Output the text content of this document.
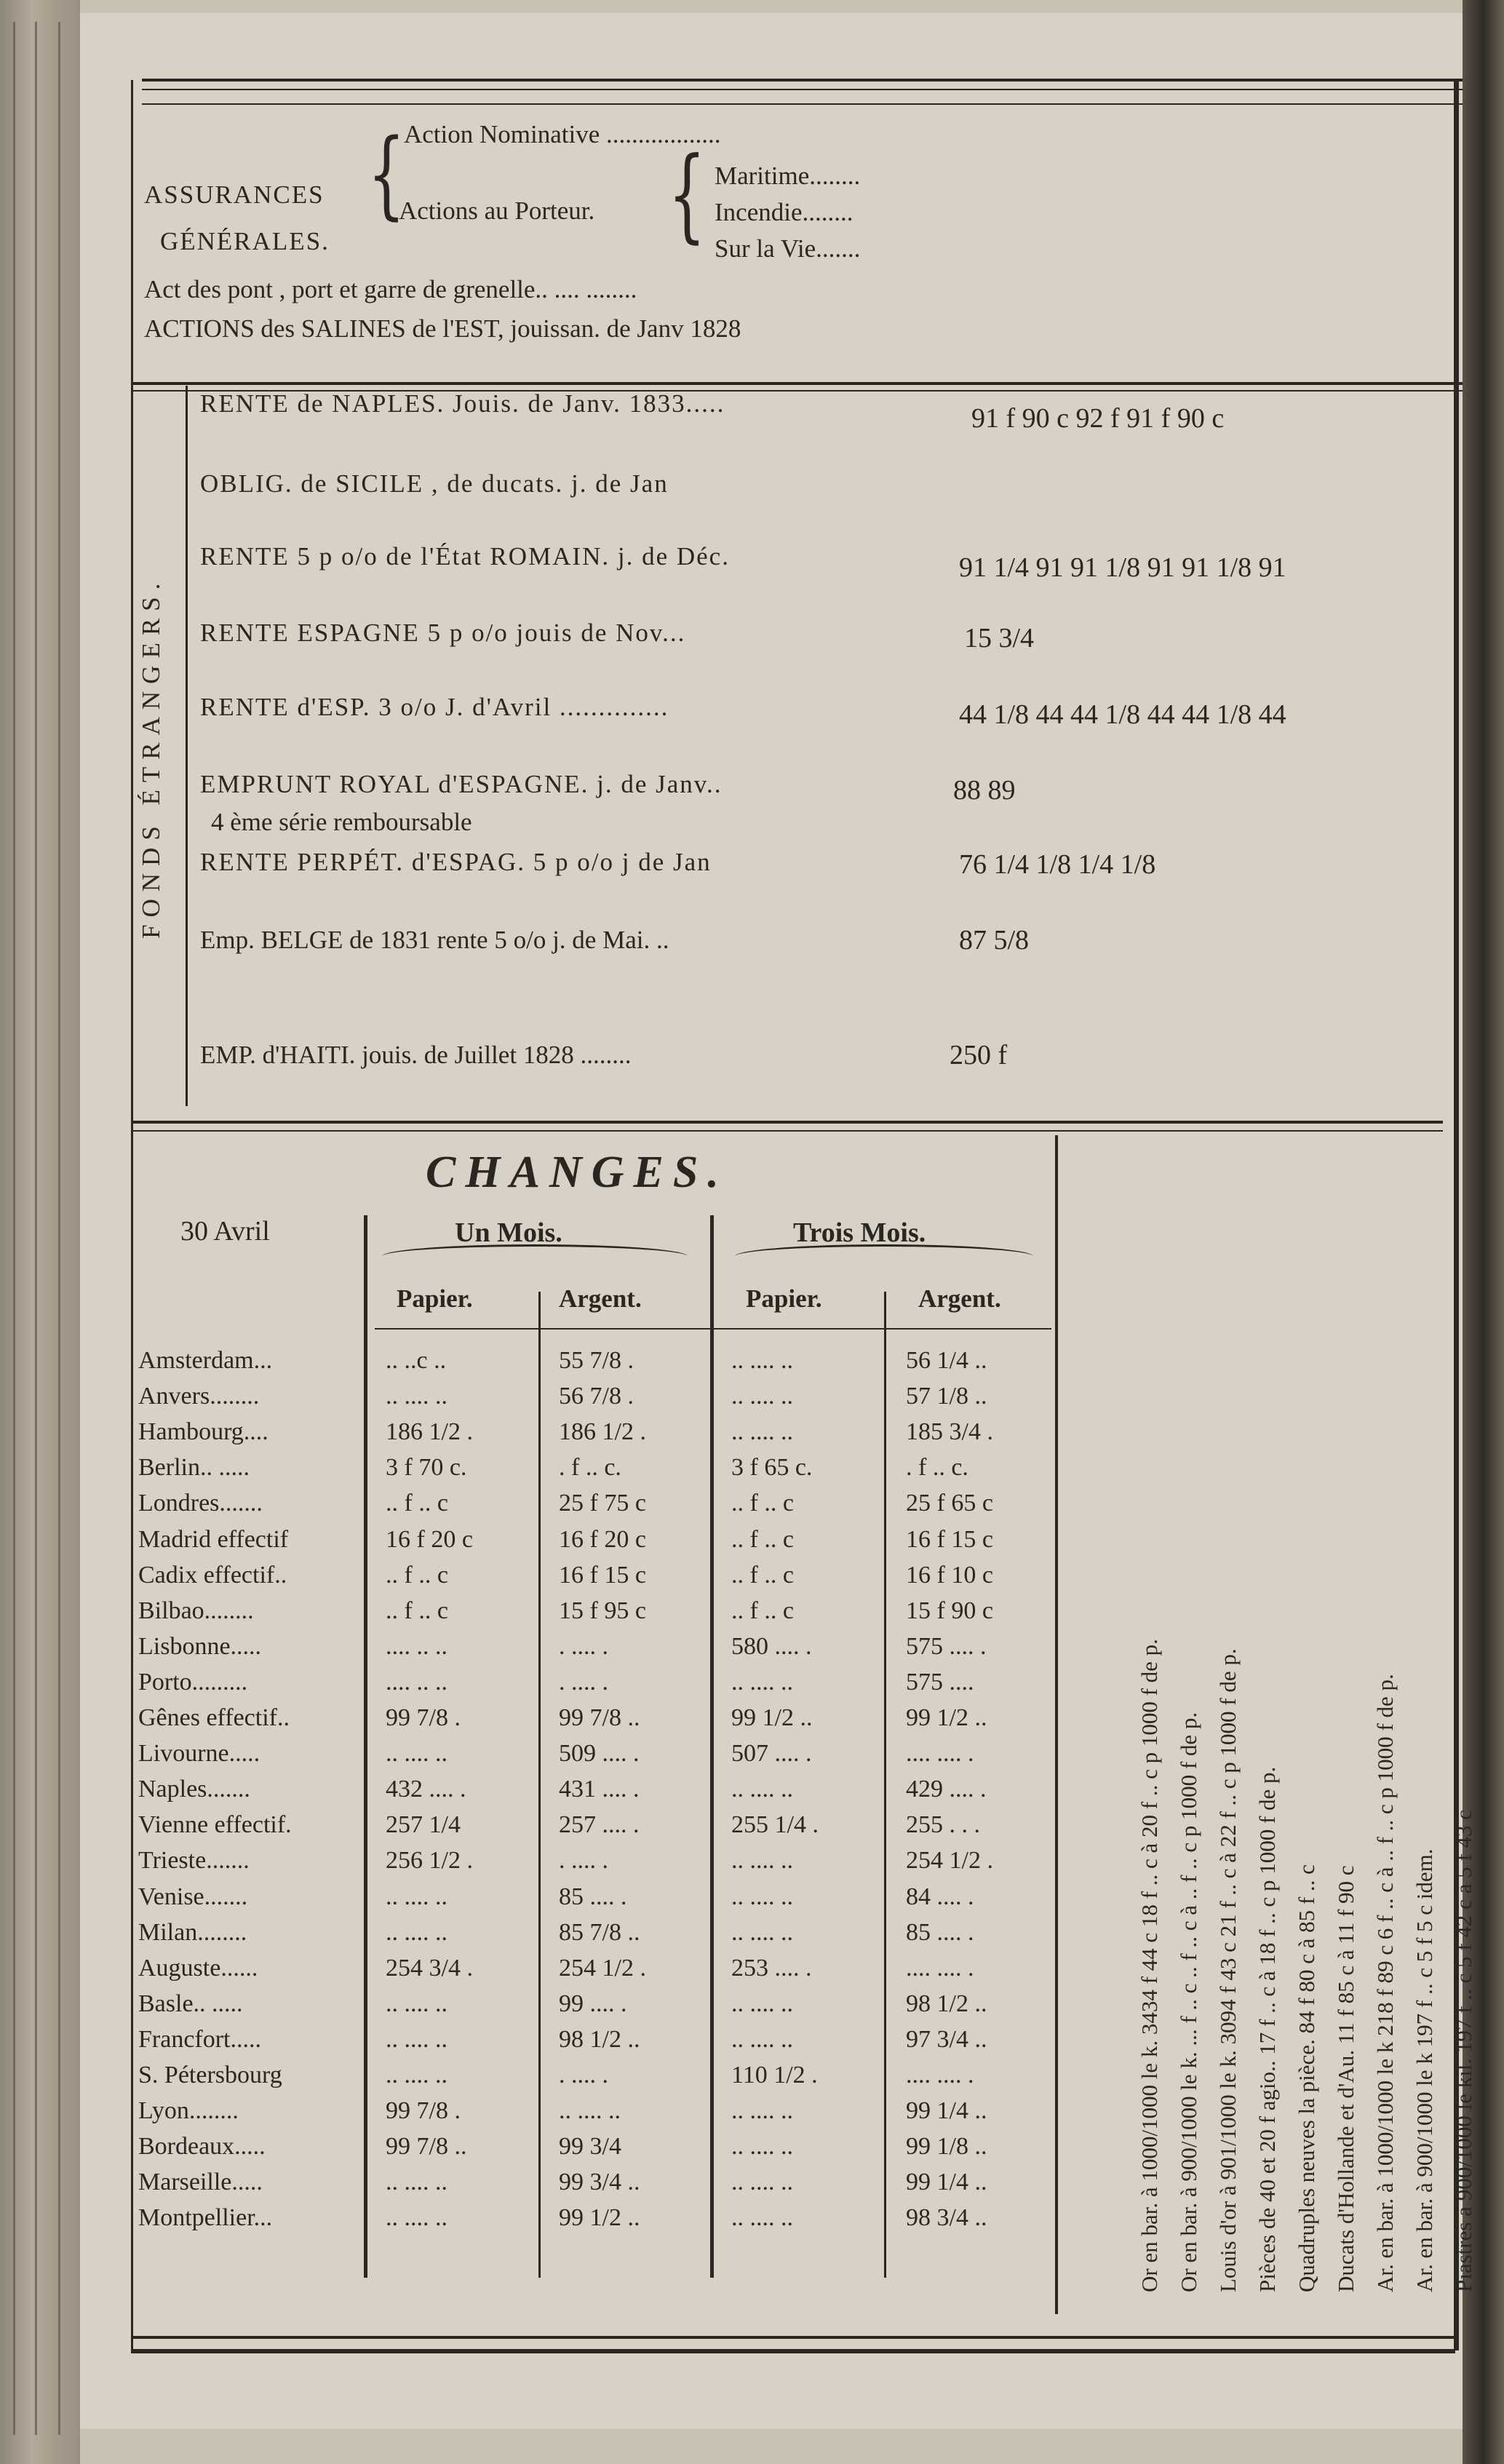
Action Nominative ..................
ASSURANCES
GÉNÉRALES.
{
Actions au Porteur. { Maritime........
Incendie........
Sur la Vie.......
Act des pont , port et garre de grenelle.. .... ........
ACTIONS des SALINES de l'EST, jouissan. de Janv 1828
FONDS ÉTRANGERS.
RENTE de NAPLES. Jouis. de Janv. 1833.....	91 f 90 c 92 f 91 f 90 c
OBLIG. de SICILE , de ducats. j. de Jan
RENTE 5 p o/o de l'État ROMAIN. j. de Déc.	91 1/4 91 91 1/8 91 91 1/8 91
RENTE ESPAGNE 5 p o/o jouis de Nov...	15 3/4
RENTE d'ESP. 3 o/o J. d'Avril ..............	44 1/8 44 44 1/8 44 44 1/8 44
EMPRUNT ROYAL d'ESPAGNE. j. de Janv..	88 89
4 ème série remboursable
RENTE PERPÉT. d'ESPAG. 5 p o/o j de Jan	76 1/4 1/8 1/4 1/8
Emp. BELGE de 1831 rente 5 o/o j. de Mai. ..	87 5/8
EMP. d'HAITI. jouis. de Juillet 1828 ........	250 f
CHANGES.
30 Avril	Un Mois.	Trois Mois.
Papier.	Argent.	Papier.	Argent.
Amsterdam...	.. ..c ..	55 7/8 .	.. .... ..	56 1/4 ..
Anvers........	.. .... ..	56 7/8 .	.. .... ..	57 1/8 ..
Hambourg....	186 1/2 .	186 1/2 .	.. .... ..	185 3/4 .
Berlin.. .....	3 f 70 c.	. f .. c.	3 f 65 c.	. f .. c.
Londres.......	.. f .. c	25 f 75 c	.. f .. c	25 f 65 c
Madrid effectif	16 f 20 c	16 f 20 c	.. f .. c	16 f 15 c
Cadix effectif..	.. f .. c	16 f 15 c	.. f .. c	16 f 10 c
Bilbao........	.. f .. c	15 f 95 c	.. f .. c	15 f 90 c
Lisbonne.....	.... .. ..	. .... .	580 .... .	575 .... .
Porto.........	.... .. ..	. .... .	.. .... ..	575 ....
Gênes effectif..	99 7/8 .	99 7/8 ..	99 1/2 ..	99 1/2 ..
Livourne.....	.. .... ..	509 .... .	507 .... .	.... .... .
Naples.......	432 .... .	431 .... .	.. .... ..	429 .... .
Vienne effectif.	257 1/4	257 .... .	255 1/4 .	255 . . .
Trieste.......	256 1/2 .	. .... .	.. .... ..	254 1/2 .
Venise.......	.. .... ..	85 .... .	.. .... ..	84 .... .
Milan........	.. .... ..	85 7/8 ..	.. .... ..	85 .... .
Auguste......	254 3/4 .	254 1/2 .	253 .... .	.... .... .
Basle.. .....	.. .... ..	99 .... .	.. .... ..	98 1/2 ..
Francfort.....	.. .... ..	98 1/2 ..	.. .... ..	97 3/4 ..
S. Pétersbourg	.. .... ..	. .... .	110 1/2 .	.... .... .
Lyon........	99 7/8 .	.. .... ..	.. .... ..	99 1/4 ..
Bordeaux.....	99 7/8 ..	99 3/4	.. .... ..	99 1/8 ..
Marseille.....	.. .... ..	99 3/4 ..	.. .... ..	99 1/4 ..
Montpellier...	.. .... ..	99 1/2 ..	.. .... ..	98 3/4 ..	Or en bar. à 1000/1000 le k. 3434 f 44 c 18 f .. c à 20 f .. c p 1000 f de p. Or en bar. à 900/1000 le k. ... f .. c .. f .. c à .. f .. c p 1000 f de p. Louis d'or à 901/1000 le k. 3094 f 43 c 21 f .. c à 22 f .. c p 1000 f de p. Pièces de 40 et 20 f agio.. 17 f .. c à 18 f .. c p 1000 f de p. Quadruples neuves la pièce. 84 f 80 c à 85 f .. c Ducats d'Hollande et d'Au. 11 f 85 c à 11 f 90 c Ar. en bar. à 1000/1000 le k 218 f 89 c 6 f .. c à .. f .. c p 1000 f de p. Ar. en bar. à 900/1000 le k 197 f .. c 5 f 5 c idem. Piastres à 900/1000 le kil. 197 f .. c 5 f 42 c à 5 f 43 c
